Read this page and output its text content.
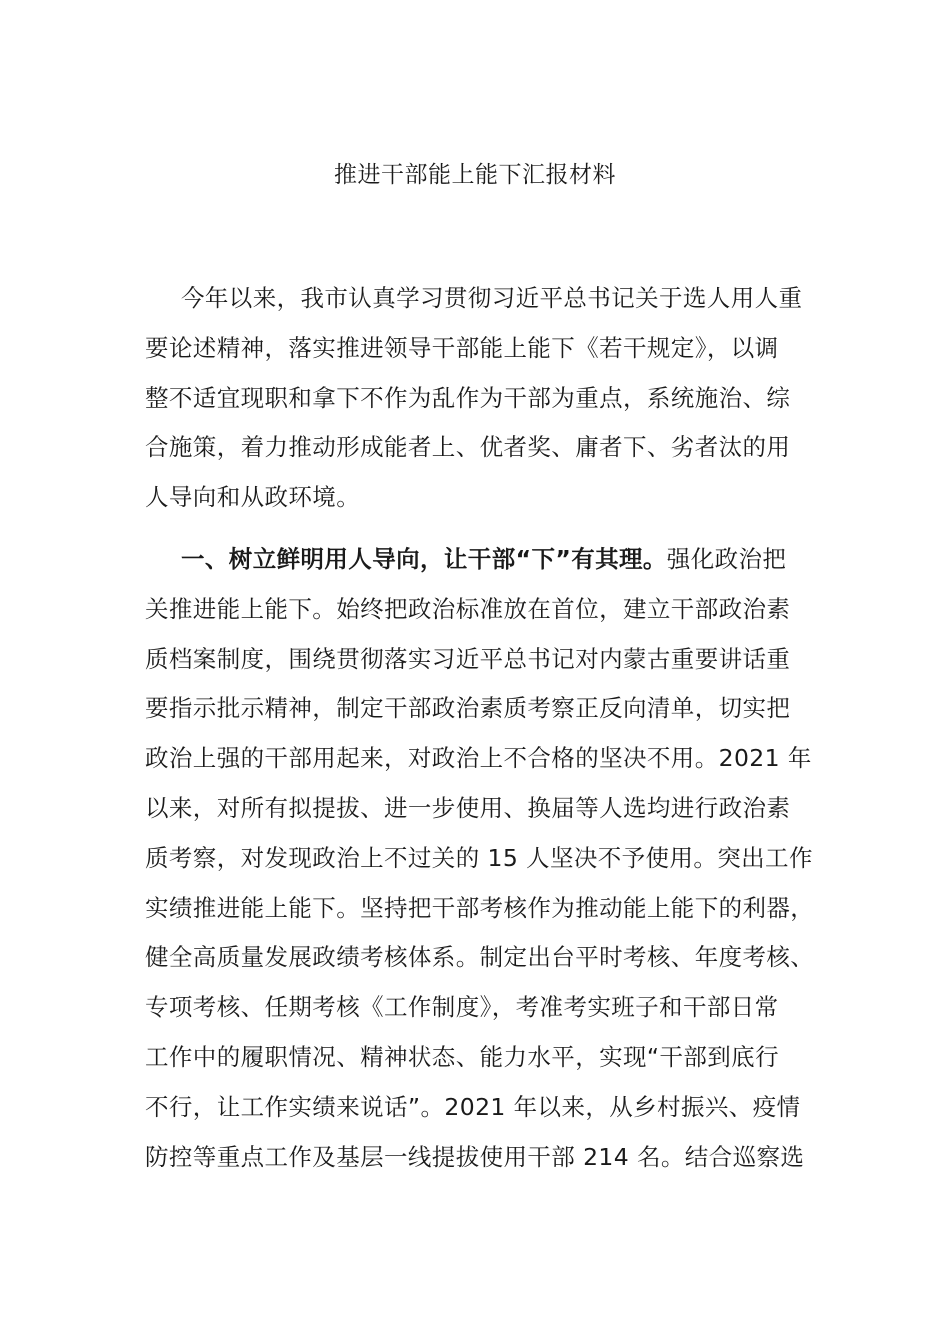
推进干部能上能下汇报材料
今年以来，我市认真学习贯彻习近平总书记关于选人用人重
要论述精神，落实推进领导干部能上能下《若干规定》，以调
整不适宜现职和拿下不作为乱作为干部为重点，系统施治、综
合施策，着力推动形成能者上、优者奖、庸者下、劣者汰的用
人导向和从政环境。
一、树立鲜明用人导向，让干部“下”有其理。强化政治把
关推进能上能下。始终把政治标准放在首位，建立干部政治素
质档案制度，围绕贯彻落实习近平总书记对内蒙古重要讲话重
要指示批示精神，制定干部政治素质考察正反向清单，切实把
政治上强的干部用起来，对政治上不合格的坚决不用。2021 年
以来，对所有拟提拔、进一步使用、换届等人选均进行政治素
质考察，对发现政治上不过关的 15 人坚决不予使用。突出工作
实绩推进能上能下。坚持把干部考核作为推动能上能下的利器，
健全高质量发展政绩考核体系。制定出台平时考核、年度考核、
专项考核、任期考核《工作制度》，考准考实班子和干部日常
工作中的履职情况、精神状态、能力水平，实现“干部到底行
不行，让工作实绩来说话”。2021 年以来，从乡村振兴、疫情
防控等重点工作及基层一线提拔使用干部 214 名。结合巡察选
